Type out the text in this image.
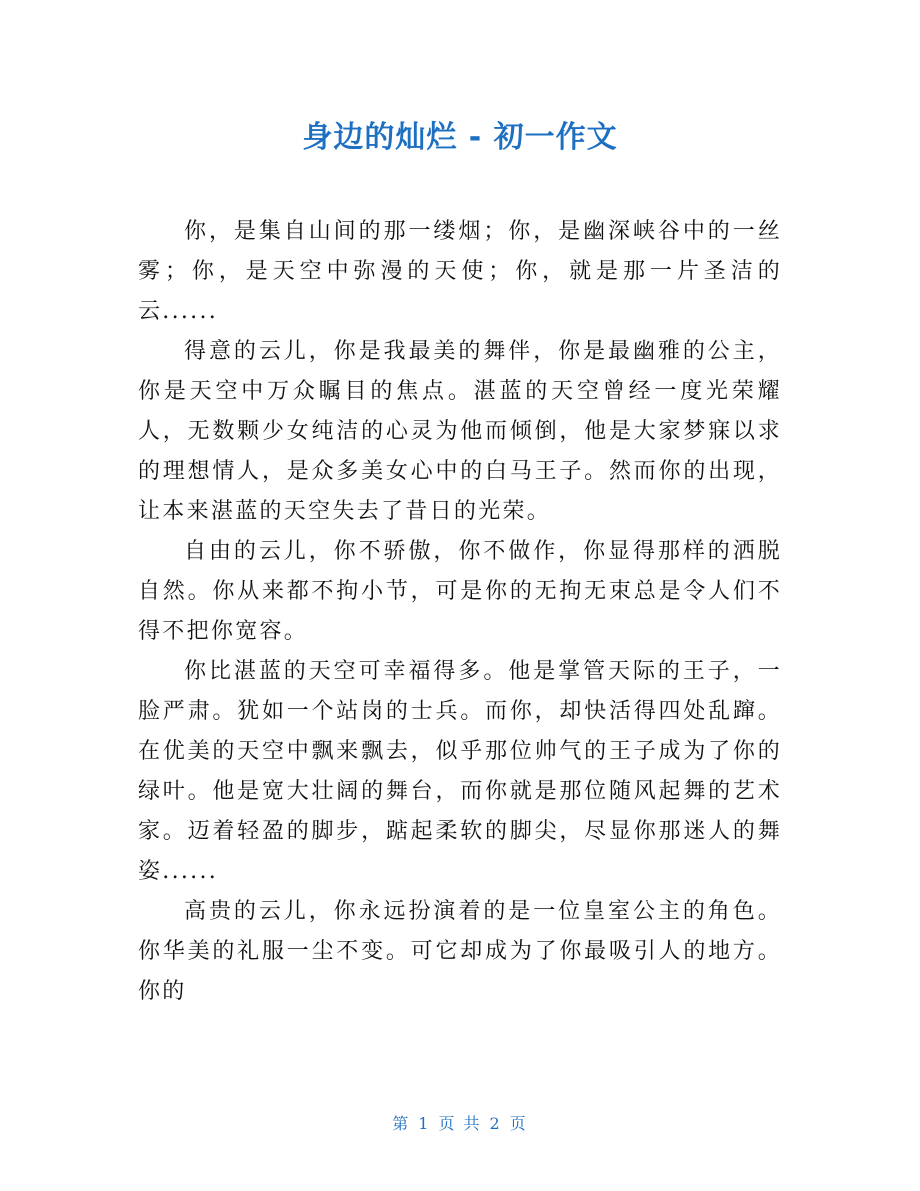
身边的灿烂 - 初一作文

你，是集自山间的那一缕烟；你，是幽深峡谷中的一丝雾；你，是天空中弥漫的天使；你，就是那一片圣洁的云......

得意的云儿，你是我最美的舞伴，你是最幽雅的公主，你是天空中万众瞩目的焦点。湛蓝的天空曾经一度光荣耀人，无数颗少女纯洁的心灵为他而倾倒，他是大家梦寐以求的理想情人，是众多美女心中的白马王子。然而你的出现，让本来湛蓝的天空失去了昔日的光荣。

自由的云儿，你不骄傲，你不做作，你显得那样的洒脱自然。你从来都不拘小节，可是你的无拘无束总是令人们不得不把你宽容。

你比湛蓝的天空可幸福得多。他是掌管天际的王子，一脸严肃。犹如一个站岗的士兵。而你，却快活得四处乱蹿。在优美的天空中飘来飘去，似乎那位帅气的王子成为了你的绿叶。他是宽大壮阔的舞台，而你就是那位随风起舞的艺术家。迈着轻盈的脚步，踮起柔软的脚尖，尽显你那迷人的舞姿......

高贵的云儿，你永远扮演着的是一位皇室公主的角色。你华美的礼服一尘不变。可它却成为了你最吸引人的地方。你的

第 1 页 共 2 页
